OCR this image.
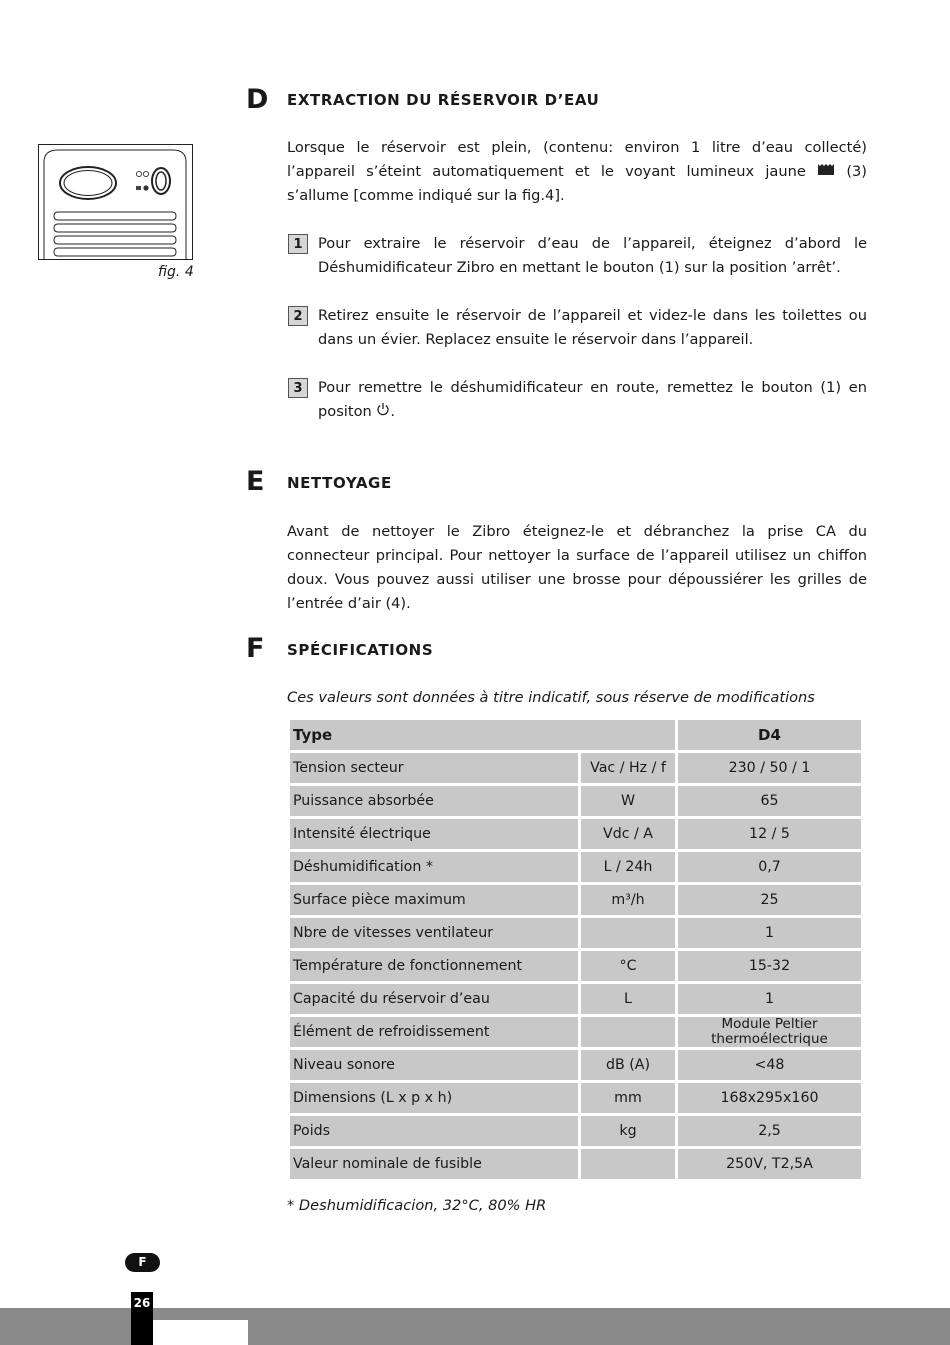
D EXTRACTION DU RÉSERVOIR D’EAU
fig. 4
Lorsque le réservoir est plein, (contenu: environ 1 litre d’eau collecté) l’appareil s’éteint automatiquement et le voyant lumineux jaune	(3) s’allume [comme indiqué sur la fig.4].
1	Pour extraire le réservoir d’eau de l’appareil, éteignez d’abord le Déshumidificateur Zibro en mettant le bouton (1) sur la position ’arrêt’.
2	Retirez ensuite le réservoir de l’appareil et videz-le dans les toilettes ou dans un évier. Replacez ensuite le réservoir dans l’appareil.
3	Pour remettre le déshumidificateur en route, remettez le bouton (1) en positon .
E NETTOYAGE
Avant de nettoyer le Zibro éteignez-le et débranchez la prise CA du connecteur principal. Pour nettoyer la surface de l’appareil utilisez un chiffon doux. Vous pouvez aussi utiliser une brosse pour dépoussiérer les grilles de l’entrée d’air (4).
F SPÉCIFICATIONS
Ces valeurs sont données à titre indicatif, sous réserve de modifications
Type		D4
Tension secteur	Vac / Hz / f	230 / 50 / 1
Puissance absorbée	W	65
Intensité électrique	Vdc / A	12 / 5
Déshumidification *	L / 24h	0,7
Surface pièce maximum	m³/h	25
Nbre de vitesses ventilateur		1
Température de fonctionnement	°C	15-32
Capacité du réservoir d’eau	L	1
Élément de refroidissement		Module Peltier thermoélectrique
Niveau sonore	dB (A)	<48
Dimensions (L x p x h)	mm	168x295x160
Poids	kg	2,5
Valeur nominale de fusible		250V, T2,5A
* Deshumidificacion, 32°C, 80% HR
F
26
